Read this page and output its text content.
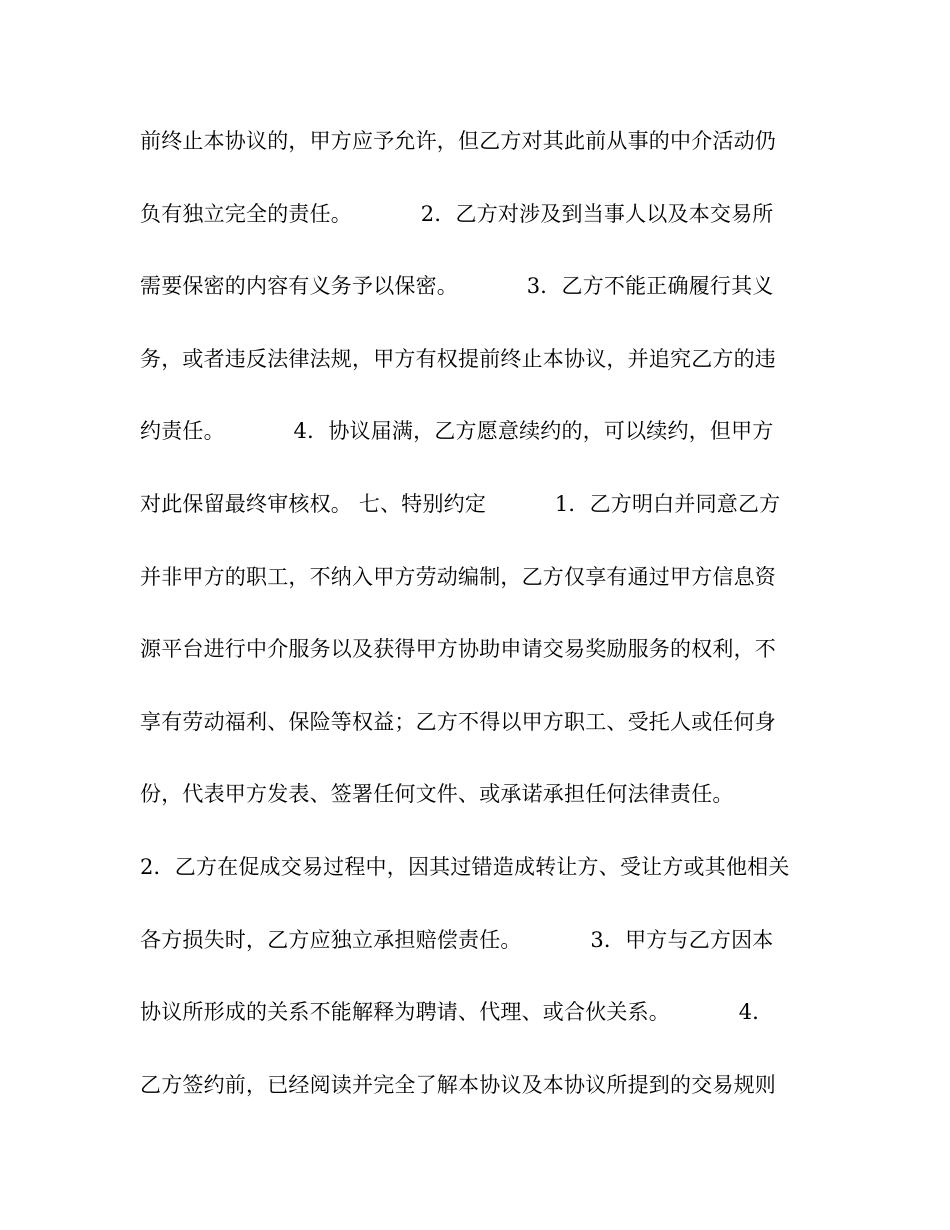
前终止本协议的，甲方应予允许，但乙方对其此前从事的中介活动仍
负有独立完全的责任。          2．乙方对涉及到当事人以及本交易所
需要保密的内容有义务予以保密。          3．乙方不能正确履行其义
务，或者违反法律法规，甲方有权提前终止本协议，并追究乙方的违
约责任。          4．协议届满，乙方愿意续约的，可以续约，但甲方
对此保留最终审核权。 七、特别约定          1．乙方明白并同意乙方
并非甲方的职工，不纳入甲方劳动编制，乙方仅享有通过甲方信息资
源平台进行中介服务以及获得甲方协助申请交易奖励服务的权利，不
享有劳动福利、保险等权益；乙方不得以甲方职工、受托人或任何身
份，代表甲方发表、签署任何文件、或承诺承担任何法律责任。
2．乙方在促成交易过程中，因其过错造成转让方、受让方或其他相关
各方损失时，乙方应独立承担赔偿责任。          3．甲方与乙方因本
协议所形成的关系不能解释为聘请、代理、或合伙关系。          4．
乙方签约前，已经阅读并完全了解本协议及本协议所提到的交易规则
